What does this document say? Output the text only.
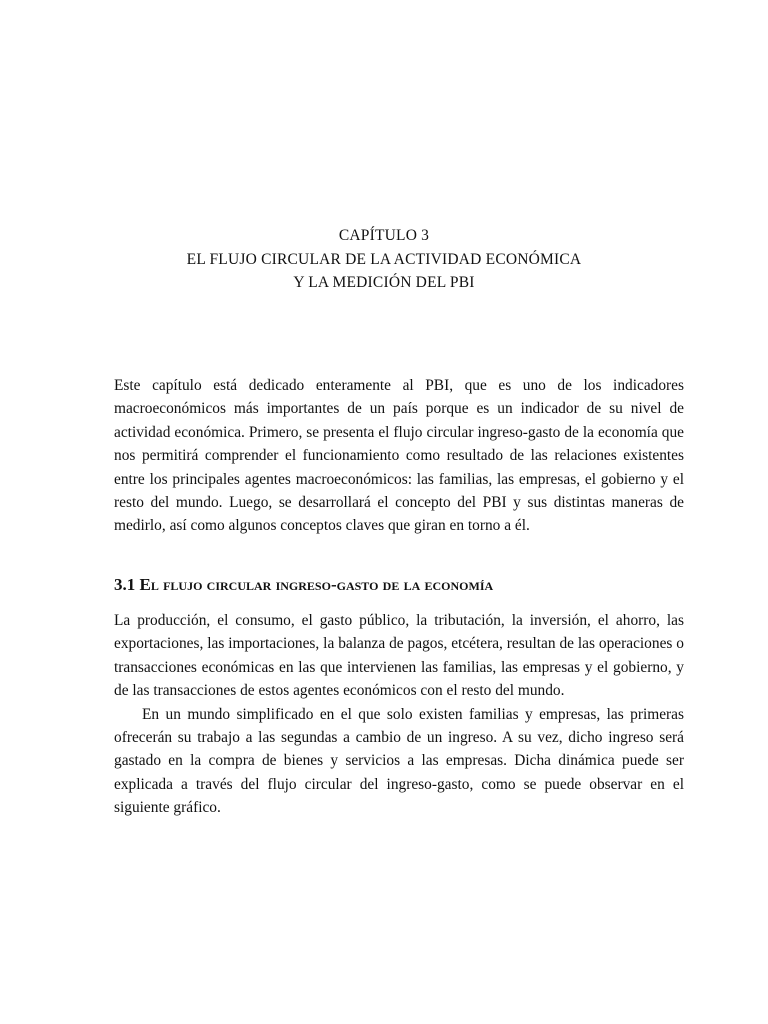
CAPÍTULO 3
EL FLUJO CIRCULAR DE LA ACTIVIDAD ECONÓMICA
Y LA MEDICIÓN DEL PBI

Este capítulo está dedicado enteramente al PBI, que es uno de los indicadores macroeconómicos más importantes de un país porque es un indicador de su nivel de actividad económica. Primero, se presenta el flujo circular ingreso-gasto de la economía que nos permitirá comprender el funcionamiento como resultado de las relaciones existentes entre los principales agentes macroeconómicos: las familias, las empresas, el gobierno y el resto del mundo. Luego, se desarrollará el concepto del PBI y sus distintas maneras de medirlo, así como algunos conceptos claves que giran en torno a él.

3.1 El flujo circular ingreso-gasto de la economía

La producción, el consumo, el gasto público, la tributación, la inversión, el ahorro, las exportaciones, las importaciones, la balanza de pagos, etcétera, resultan de las operaciones o transacciones económicas en las que intervienen las familias, las empresas y el gobierno, y de las transacciones de estos agentes económicos con el resto del mundo.

En un mundo simplificado en el que solo existen familias y empresas, las primeras ofrecerán su trabajo a las segundas a cambio de un ingreso. A su vez, dicho ingreso será gastado en la compra de bienes y servicios a las empresas. Dicha dinámica puede ser explicada a través del flujo circular del ingreso-gasto, como se puede observar en el siguiente gráfico.
